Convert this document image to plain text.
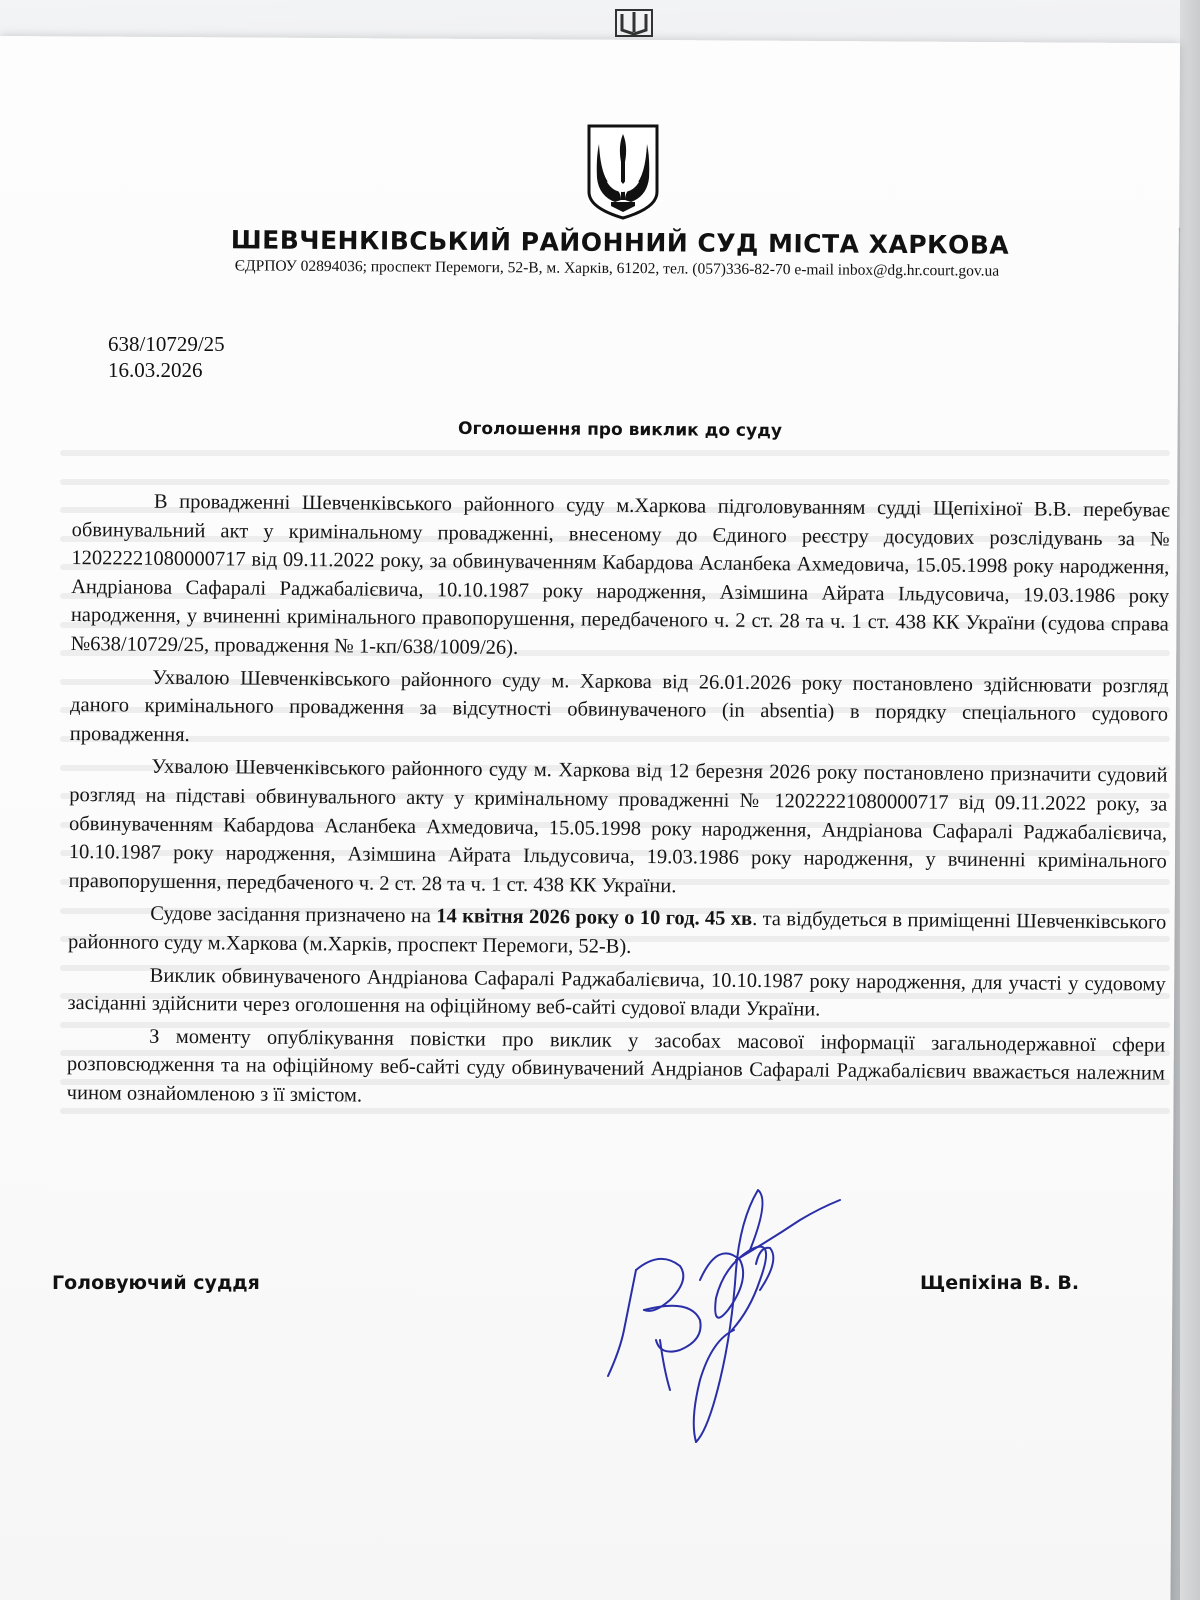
ШЕВЧЕНКІВСЬКИЙ РАЙОННИЙ СУД МІСТА ХАРКОВА
ЄДРПОУ 02894036; проспект Перемоги, 52-В, м. Харків, 61202, тел. (057)336-82-70 e-mail inbox@dg.hr.court.gov.ua
638/10729/25
16.03.2026
Оголошення про виклик до суду

В провадженні Шевченківського районного суду м.Харкова підголовуванням судді Щепіхіної В.В. перебуває обвинувальний акт у кримінальному провадженні, внесеному до Єдиного реєстру досудових розслідувань за № 12022221080000717 від 09.11.2022 року, за обвинуваченням Кабардова Асланбека Ахмедовича, 15.05.1998 року народження, Андріанова Сафаралі Раджабалієвича, 10.10.1987 року народження, Азімшина Айрата Ільдусовича, 19.03.1986 року народження, у вчиненні кримінального правопорушення, передбаченого ч. 2 ст. 28 та ч. 1 ст. 438 КК України (судова справа №638/10729/25, провадження № 1-кп/638/1009/26).

Ухвалою Шевченківського районного суду м. Харкова від 26.01.2026 року постановлено здійснювати розгляд даного кримінального провадження за відсутності обвинуваченого (in absentia) в порядку спеціального судового провадження.

Ухвалою Шевченківського районного суду м. Харкова від 12 березня 2026 року постановлено призначити судовий розгляд на підставі обвинувального акту у кримінальному провадженні № 12022221080000717 від 09.11.2022 року, за обвинуваченням Кабардова Асланбека Ахмедовича, 15.05.1998 року народження, Андріанова Сафаралі Раджабалієвича, 10.10.1987 року народження, Азімшина Айрата Ільдусовича, 19.03.1986 року народження, у вчиненні кримінального правопорушення, передбаченого ч. 2 ст. 28 та ч. 1 ст. 438 КК України.

Судове засідання призначено на 14 квітня 2026 року о 10 год. 45 хв. та відбудеться в приміщенні Шевченківського районного суду м.Харкова (м.Харків, проспект Перемоги, 52-В).

Виклик обвинуваченого Андріанова Сафаралі Раджабалієвича, 10.10.1987 року народження, для участі у судовому засіданні здійснити через оголошення на офіційному веб-сайті судової влади України.

З моменту опублікування повістки про виклик у засобах масової інформації загальнодержавної сфери розповсюдження та на офіційному веб-сайті суду обвинувачений Андріанов Сафаралі Раджабалієвич вважається належним чином ознайомленою з її змістом.

Головуючий суддя	Щепіхіна В. В.
